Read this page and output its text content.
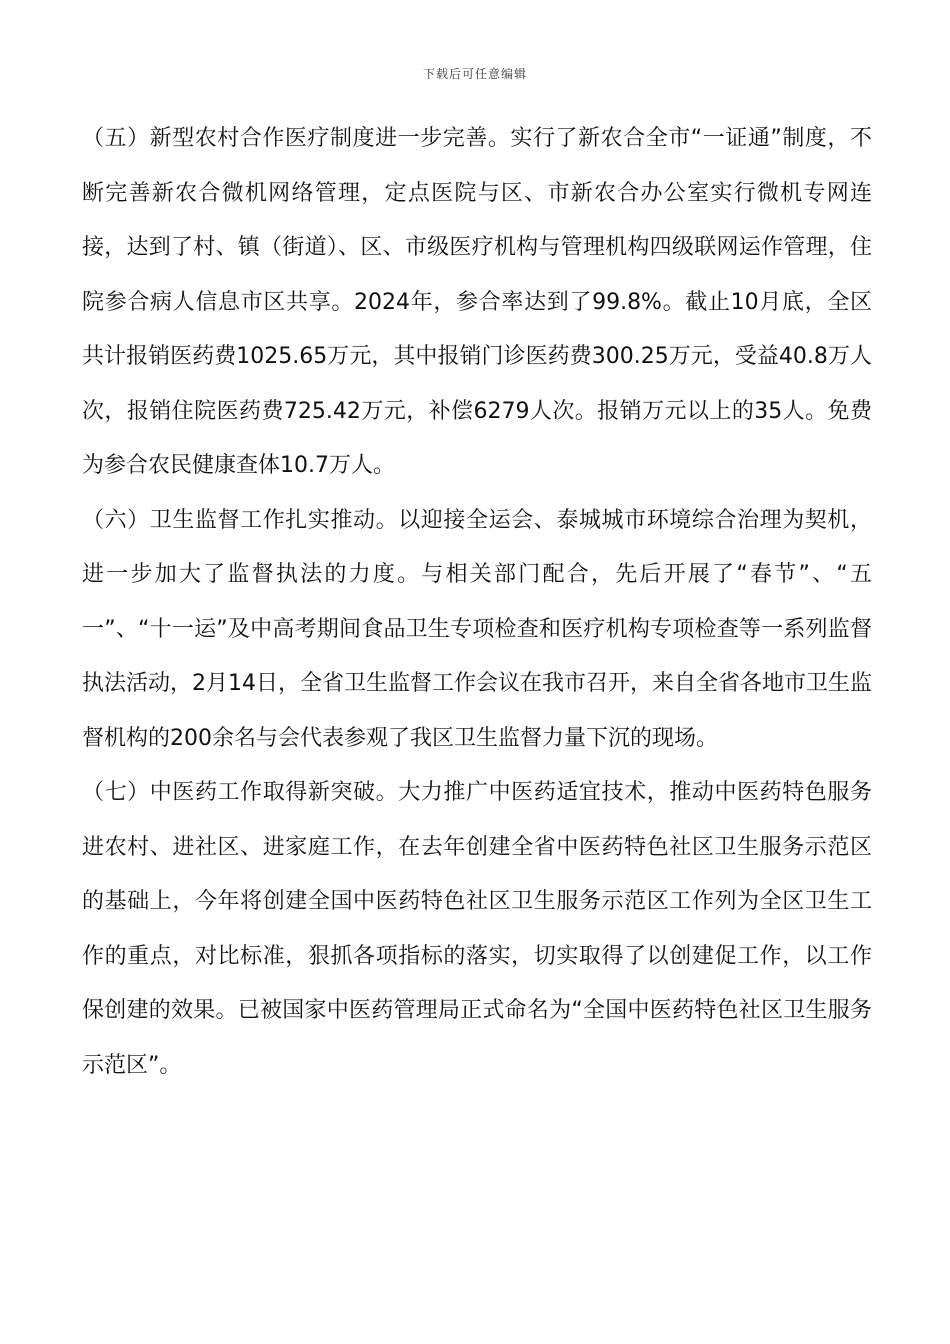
下载后可任意编辑

（五）新型农村合作医疗制度进一步完善。实行了新农合全市“一证通”制度，不断完善新农合微机网络管理，定点医院与区、市新农合办公室实行微机专网连接，达到了村、镇（街道）、区、市级医疗机构与管理机构四级联网运作管理，住院参合病人信息市区共享。2024年，参合率达到了99.8%。截止10月底，全区共计报销医药费1025.65万元，其中报销门诊医药费300.25万元，受益40.8万人次，报销住院医药费725.42万元，补偿6279人次。报销万元以上的35人。免费为参合农民健康查体10.7万人。

（六）卫生监督工作扎实推动。以迎接全运会、泰城城市环境综合治理为契机，进一步加大了监督执法的力度。与相关部门配合，先后开展了“春节”、“五一”、“十一运”及中高考期间食品卫生专项检查和医疗机构专项检查等一系列监督执法活动，2月14日，全省卫生监督工作会议在我市召开，来自全省各地市卫生监督机构的200余名与会代表参观了我区卫生监督力量下沉的现场。

（七）中医药工作取得新突破。大力推广中医药适宜技术，推动中医药特色服务进农村、进社区、进家庭工作，在去年创建全省中医药特色社区卫生服务示范区的基础上，今年将创建全国中医药特色社区卫生服务示范区工作列为全区卫生工作的重点，对比标准，狠抓各项指标的落实，切实取得了以创建促工作，以工作保创建的效果。已被国家中医药管理局正式命名为“全国中医药特色社区卫生服务示范区”。
